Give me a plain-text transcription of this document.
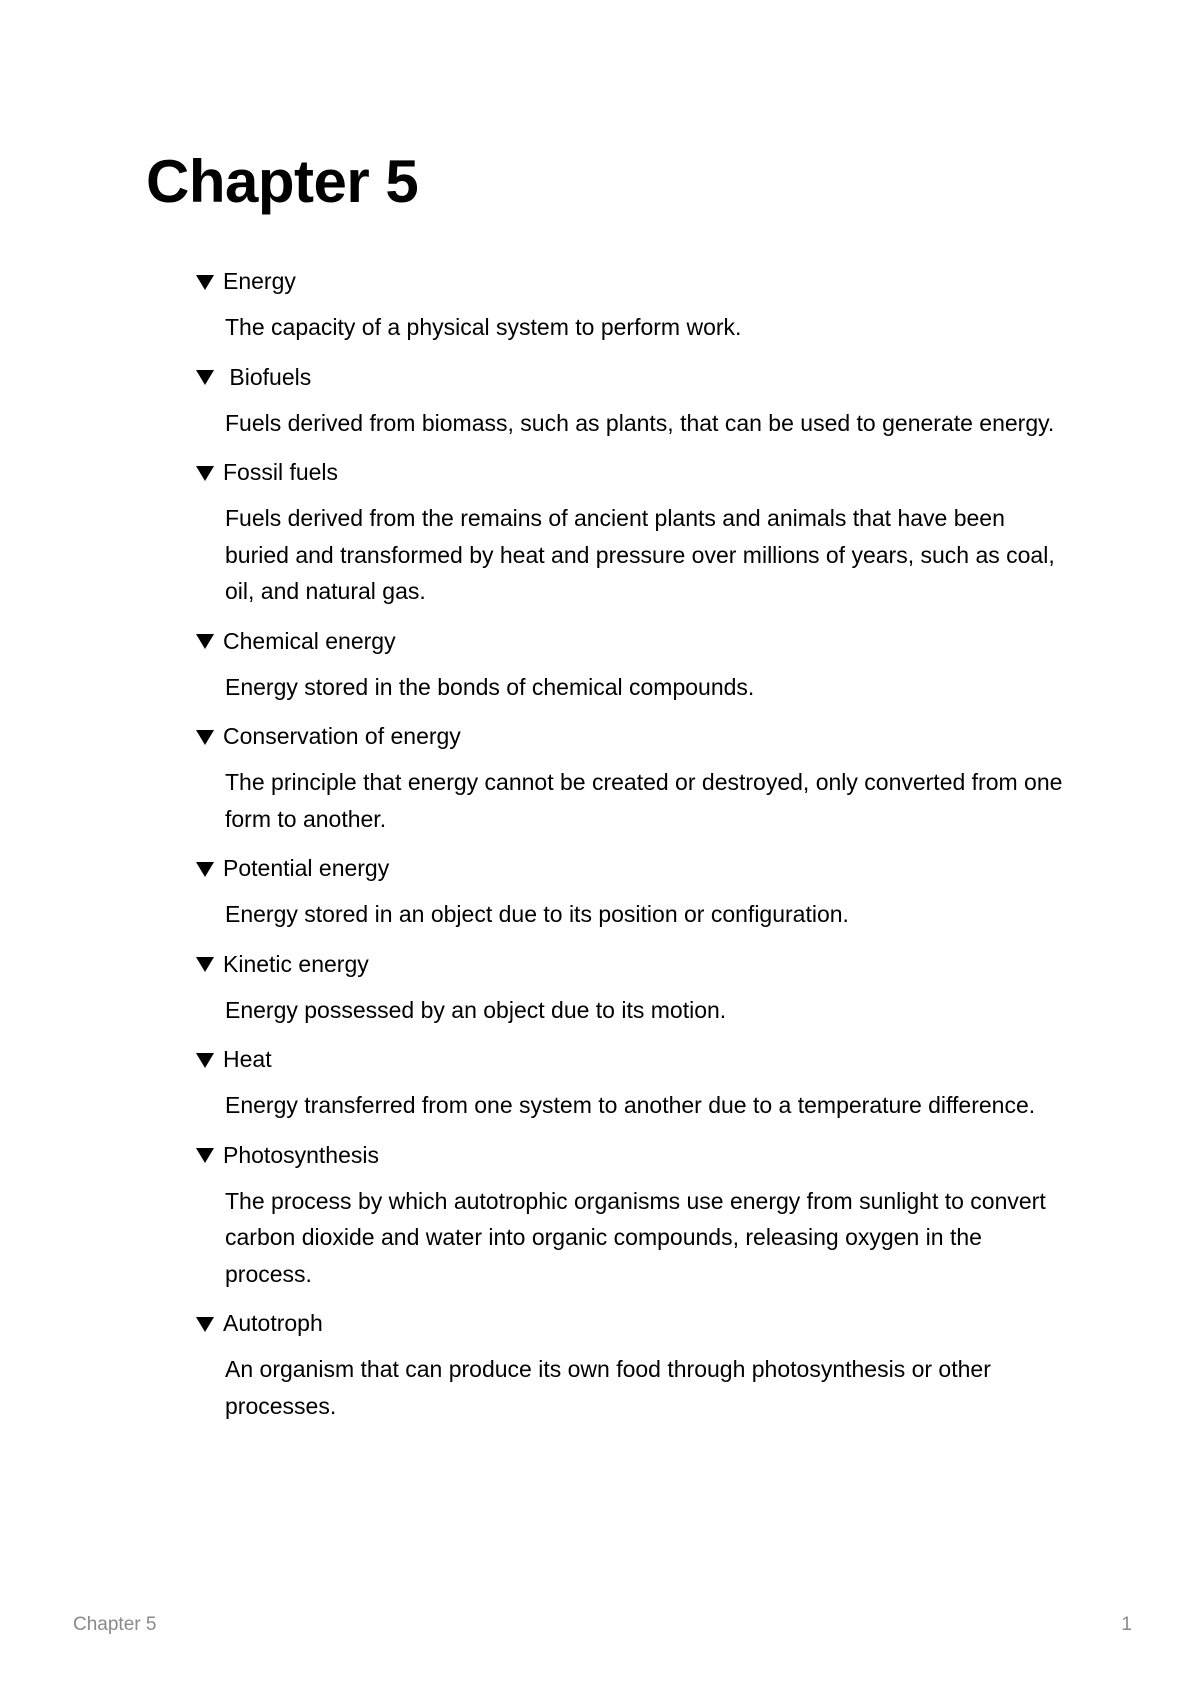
Chapter 5
Energy
The capacity of a physical system to perform work.
Biofuels
Fuels derived from biomass, such as plants, that can be used to generate energy.
Fossil fuels
Fuels derived from the remains of ancient plants and animals that have been buried and transformed by heat and pressure over millions of years, such as coal, oil, and natural gas.
Chemical energy
Energy stored in the bonds of chemical compounds.
Conservation of energy
The principle that energy cannot be created or destroyed, only converted from one form to another.
Potential energy
Energy stored in an object due to its position or configuration.
Kinetic energy
Energy possessed by an object due to its motion.
Heat
Energy transferred from one system to another due to a temperature difference.
Photosynthesis
The process by which autotrophic organisms use energy from sunlight to convert carbon dioxide and water into organic compounds, releasing oxygen in the process.
Autotroph
An organism that can produce its own food through photosynthesis or other processes.
Chapter 5	1
